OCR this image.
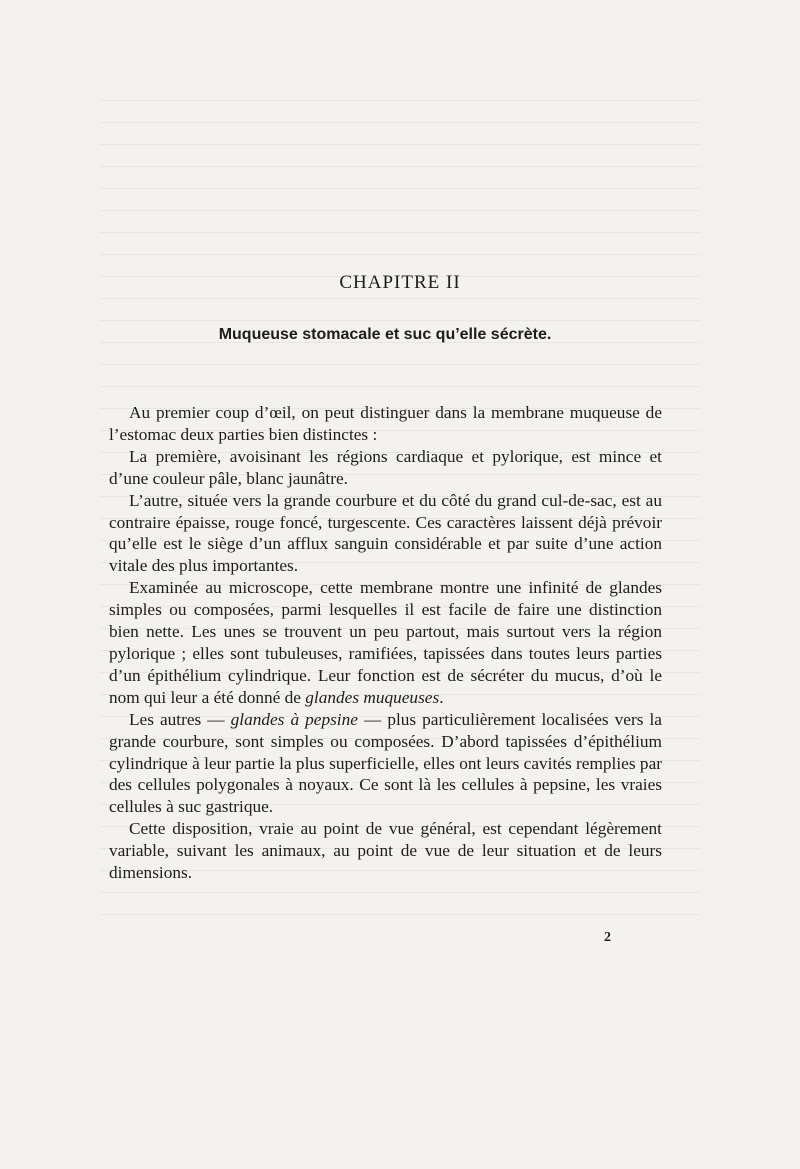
CHAPITRE II
Muqueuse stomacale et suc qu’elle sécrète.

Au premier coup d’œil, on peut distinguer dans la membrane muqueuse de l’estomac deux parties bien distinctes :

La première, avoisinant les régions cardiaque et pylorique, est mince et d’une couleur pâle, blanc jaunâtre.

L’autre, située vers la grande courbure et du côté du grand cul-de-sac, est au contraire épaisse, rouge foncé, turgescente. Ces caractères laissent déjà prévoir qu’elle est le siège d’un afflux sanguin considérable et par suite d’une action vitale des plus importantes.

Examinée au microscope, cette membrane montre une infinité de glandes simples ou composées, parmi lesquelles il est facile de faire une distinction bien nette. Les unes se trouvent un peu partout, mais surtout vers la région pylorique ; elles sont tubuleuses, ramifiées, tapissées dans toutes leurs parties d’un épithélium cylindrique. Leur fonction est de sécréter du mucus, d’où le nom qui leur a été donné de glandes muqueuses.

Les autres — glandes à pepsine — plus particulièrement localisées vers la grande courbure, sont simples ou composées. D’abord tapissées d’épithélium cylindrique à leur partie la plus superficielle, elles ont leurs cavités remplies par des cellules polygonales à noyaux. Ce sont là les cellules à pepsine, les vraies cellules à suc gastrique.

Cette disposition, vraie au point de vue général, est cependant légèrement variable, suivant les animaux, au point de vue de leur situation et de leurs dimensions.

2
